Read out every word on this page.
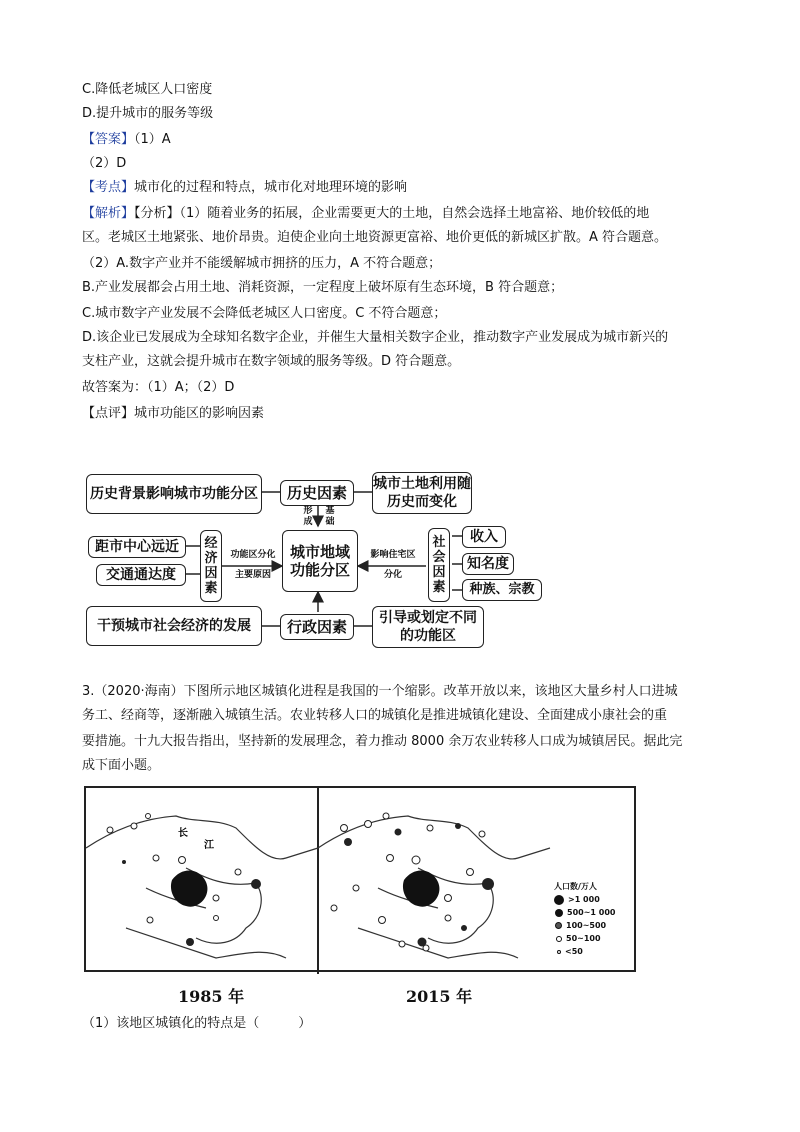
C.降低老城区人口密度
D.提升城市的服务等级
【答案】（1）A
（2）D
【考点】城市化的过程和特点，城市化对地理环境的影响
【解析】【分析】（1）随着业务的拓展，企业需要更大的土地，自然会选择土地富裕、地价较低的地
区。老城区土地紧张、地价昂贵。迫使企业向土地资源更富裕、地价更低的新城区扩散。A 符合题意。
（2）A.数字产业并不能缓解城市拥挤的压力，A 不符合题意；
B.产业发展都会占用土地、消耗资源，一定程度上破坏原有生态环境，B 符合题意；
C.城市数字产业发展不会降低老城区人口密度。C 不符合题意；
D.该企业已发展成为全球知名数字企业，并催生大量相关数字企业，推动数字产业发展成为城市新兴的
支柱产业，这就会提升城市在数字领域的服务等级。D 符合题意。
故答案为：（1）A；（2）D
【点评】城市功能区的影响因素
历史背景影响城市功能分区	历史因素	城市土地利用随历史而变化
形成
基础
城市地域功能分区
距市中心远近
交通通达度
经济因素
功能区分化
主要原因
影响住宅区
分化
社会因素
收入
知名度
种族、宗教
干预城市社会经济的发展	行政因素	引导或划定不同的功能区
3.（2020·海南）下图所示地区城镇化进程是我国的一个缩影。改革开放以来，该地区大量乡村人口进城
务工、经商等，逐渐融入城镇生活。农业转移人口的城镇化是推进城镇化建设、全面建成小康社会的重
要措施。十九大报告指出，坚持新的发展理念，着力推动 8000 余万农业转移人口成为城镇居民。据此完
成下面小题。
长
江
人口数/万人
>1 000
500~1 000
100~500
50~100
<50
1985 年	2015 年
（1）该地区城镇化的特点是（　　　）
